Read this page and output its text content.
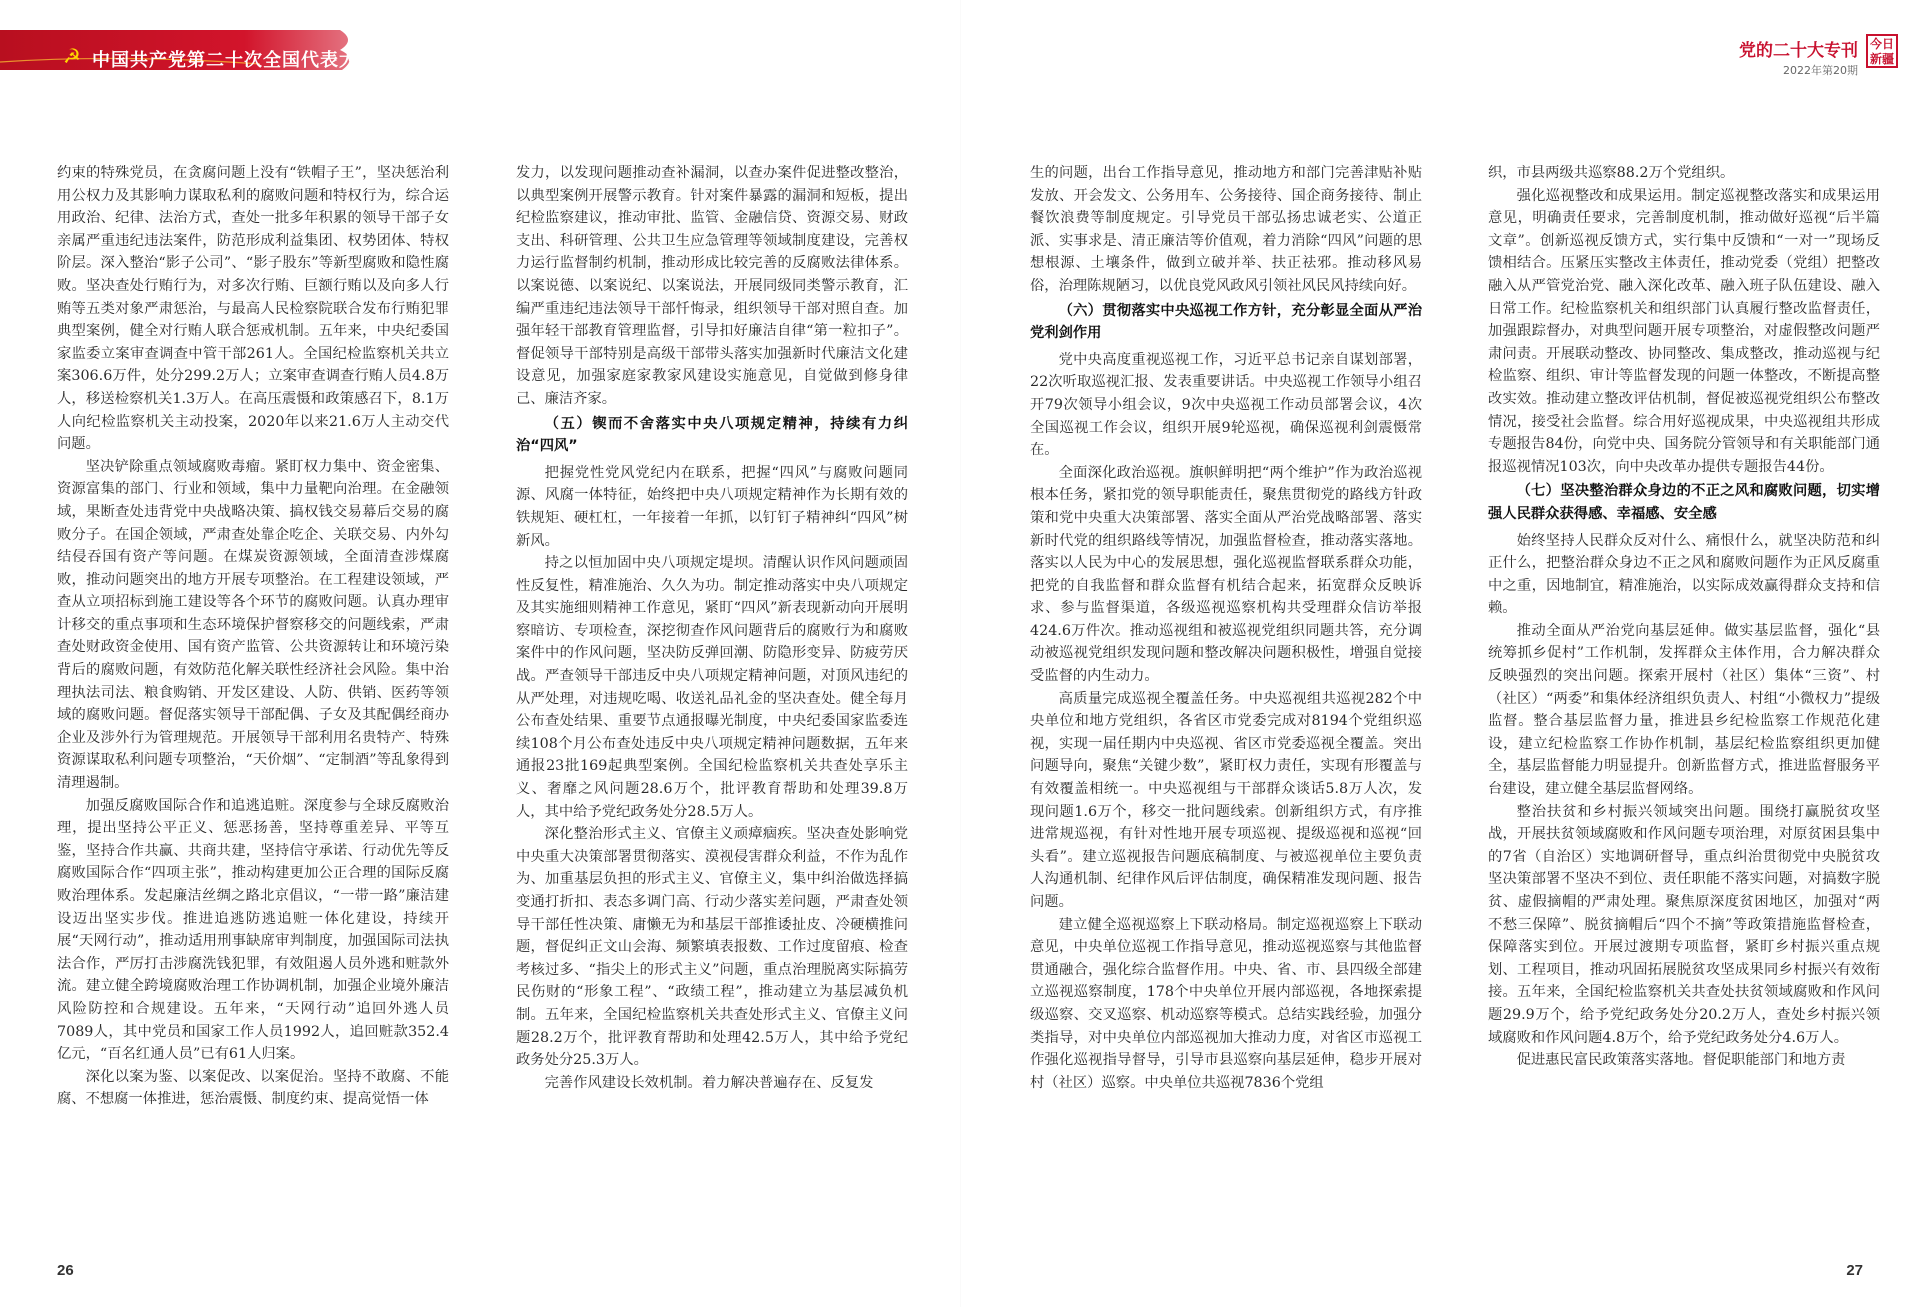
☭ 中国共产党第二十次全国代表大会	党的二十大专刊
2022年第20期
今日
新疆

约束的特殊党员，在贪腐问题上没有“铁帽子王”，坚决惩治利用公权力及其影响力谋取私利的腐败问题和特权行为，综合运用政治、纪律、法治方式，查处一批多年积累的领导干部子女亲属严重违纪违法案件，防范形成利益集团、权势团体、特权阶层。深入整治“影子公司”、“影子股东”等新型腐败和隐性腐败。坚决查处行贿行为，对多次行贿、巨额行贿以及向多人行贿等五类对象严肃惩治，与最高人民检察院联合发布行贿犯罪典型案例，健全对行贿人联合惩戒机制。五年来，中央纪委国家监委立案审查调查中管干部261人。全国纪检监察机关共立案306.6万件，处分299.2万人；立案审查调查行贿人员4.8万人，移送检察机关1.3万人。在高压震慑和政策感召下，8.1万人向纪检监察机关主动投案，2020年以来21.6万人主动交代问题。

坚决铲除重点领域腐败毒瘤。紧盯权力集中、资金密集、资源富集的部门、行业和领域，集中力量靶向治理。在金融领域，果断查处违背党中央战略决策、搞权钱交易幕后交易的腐败分子。在国企领域，严肃查处靠企吃企、关联交易、内外勾结侵吞国有资产等问题。在煤炭资源领域，全面清查涉煤腐败，推动问题突出的地方开展专项整治。在工程建设领域，严查从立项招标到施工建设等各个环节的腐败问题。认真办理审计移交的重点事项和生态环境保护督察移交的问题线索，严肃查处财政资金使用、国有资产监管、公共资源转让和环境污染背后的腐败问题，有效防范化解关联性经济社会风险。集中治理执法司法、粮食购销、开发区建设、人防、供销、医药等领域的腐败问题。督促落实领导干部配偶、子女及其配偶经商办企业及涉外行为管理规范。开展领导干部利用名贵特产、特殊资源谋取私利问题专项整治，“天价烟”、“定制酒”等乱象得到清理遏制。

加强反腐败国际合作和追逃追赃。深度参与全球反腐败治理，提出坚持公平正义、惩恶扬善，坚持尊重差异、平等互鉴，坚持合作共赢、共商共建，坚持信守承诺、行动优先等反腐败国际合作“四项主张”，推动构建更加公正合理的国际反腐败治理体系。发起廉洁丝绸之路北京倡议，“一带一路”廉洁建设迈出坚实步伐。推进追逃防逃追赃一体化建设，持续开展“天网行动”，推动适用刑事缺席审判制度，加强国际司法执法合作，严厉打击涉腐洗钱犯罪，有效阻遏人员外逃和赃款外流。建立健全跨境腐败治理工作协调机制，加强企业境外廉洁风险防控和合规建设。五年来，“天网行动”追回外逃人员7089人，其中党员和国家工作人员1992人，追回赃款352.4亿元，“百名红通人员”已有61人归案。

深化以案为鉴、以案促改、以案促治。坚持不敢腐、不能腐、不想腐一体推进，惩治震慑、制度约束、提高觉悟一体

发力，以发现问题推动查补漏洞，以查办案件促进整改整治，以典型案例开展警示教育。针对案件暴露的漏洞和短板，提出纪检监察建议，推动审批、监管、金融信贷、资源交易、财政支出、科研管理、公共卫生应急管理等领域制度建设，完善权力运行监督制约机制，推动形成比较完善的反腐败法律体系。以案说德、以案说纪、以案说法，开展同级同类警示教育，汇编严重违纪违法领导干部忏悔录，组织领导干部对照自查。加强年轻干部教育管理监督，引导扣好廉洁自律“第一粒扣子”。督促领导干部特别是高级干部带头落实加强新时代廉洁文化建设意见，加强家庭家教家风建设实施意见，自觉做到修身律己、廉洁齐家。

（五）锲而不舍落实中央八项规定精神，持续有力纠治“四风”

把握党性党风党纪内在联系，把握“四风”与腐败问题同源、风腐一体特征，始终把中央八项规定精神作为长期有效的铁规矩、硬杠杠，一年接着一年抓，以钉钉子精神纠“四风”树新风。

持之以恒加固中央八项规定堤坝。清醒认识作风问题顽固性反复性，精准施治、久久为功。制定推动落实中央八项规定及其实施细则精神工作意见，紧盯“四风”新表现新动向开展明察暗访、专项检查，深挖彻查作风问题背后的腐败行为和腐败案件中的作风问题，坚决防反弹回潮、防隐形变异、防疲劳厌战。严查领导干部违反中央八项规定精神问题，对顶风违纪的从严处理，对违规吃喝、收送礼品礼金的坚决查处。健全每月公布查处结果、重要节点通报曝光制度，中央纪委国家监委连续108个月公布查处违反中央八项规定精神问题数据，五年来通报23批169起典型案例。全国纪检监察机关共查处享乐主义、奢靡之风问题28.6万个，批评教育帮助和处理39.8万人，其中给予党纪政务处分28.5万人。

深化整治形式主义、官僚主义顽瘴痼疾。坚决查处影响党中央重大决策部署贯彻落实、漠视侵害群众利益，不作为乱作为、加重基层负担的形式主义、官僚主义，集中纠治做选择搞变通打折扣、表态多调门高、行动少落实差问题，严肃查处领导干部任性决策、庸懒无为和基层干部推诿扯皮、冷硬横推问题，督促纠正文山会海、频繁填表报数、工作过度留痕、检查考核过多、“指尖上的形式主义”问题，重点治理脱离实际搞劳民伤财的“形象工程”、“政绩工程”，推动建立为基层减负机制。五年来，全国纪检监察机关共查处形式主义、官僚主义问题28.2万个，批评教育帮助和处理42.5万人，其中给予党纪政务处分25.3万人。

完善作风建设长效机制。着力解决普遍存在、反复发

生的问题，出台工作指导意见，推动地方和部门完善津贴补贴发放、开会发文、公务用车、公务接待、国企商务接待、制止餐饮浪费等制度规定。引导党员干部弘扬忠诚老实、公道正派、实事求是、清正廉洁等价值观，着力消除“四风”问题的思想根源、土壤条件，做到立破并举、扶正祛邪。推动移风易俗，治理陈规陋习，以优良党风政风引领社风民风持续向好。

（六）贯彻落实中央巡视工作方针，充分彰显全面从严治党利剑作用

党中央高度重视巡视工作，习近平总书记亲自谋划部署，22次听取巡视汇报、发表重要讲话。中央巡视工作领导小组召开79次领导小组会议，9次中央巡视工作动员部署会议，4次全国巡视工作会议，组织开展9轮巡视，确保巡视利剑震慑常在。

全面深化政治巡视。旗帜鲜明把“两个维护”作为政治巡视根本任务，紧扣党的领导职能责任，聚焦贯彻党的路线方针政策和党中央重大决策部署、落实全面从严治党战略部署、落实新时代党的组织路线等情况，加强监督检查，推动落实落地。落实以人民为中心的发展思想，强化巡视监督联系群众功能，把党的自我监督和群众监督有机结合起来，拓宽群众反映诉求、参与监督渠道，各级巡视巡察机构共受理群众信访举报424.6万件次。推动巡视组和被巡视党组织同题共答，充分调动被巡视党组织发现问题和整改解决问题积极性，增强自觉接受监督的内生动力。

高质量完成巡视全覆盖任务。中央巡视组共巡视282个中央单位和地方党组织，各省区市党委完成对8194个党组织巡视，实现一届任期内中央巡视、省区市党委巡视全覆盖。突出问题导向，聚焦“关键少数”，紧盯权力责任，实现有形覆盖与有效覆盖相统一。中央巡视组与干部群众谈话5.8万人次，发现问题1.6万个，移交一批问题线索。创新组织方式，有序推进常规巡视，有针对性地开展专项巡视、提级巡视和巡视“回头看”。建立巡视报告问题底稿制度、与被巡视单位主要负责人沟通机制、纪律作风后评估制度，确保精准发现问题、报告问题。

建立健全巡视巡察上下联动格局。制定巡视巡察上下联动意见，中央单位巡视工作指导意见，推动巡视巡察与其他监督贯通融合，强化综合监督作用。中央、省、市、县四级全部建立巡视巡察制度，178个中央单位开展内部巡视，各地探索提级巡察、交叉巡察、机动巡察等模式。总结实践经验，加强分类指导，对中央单位内部巡视加大推动力度，对省区市巡视工作强化巡视指导督导，引导市县巡察向基层延伸，稳步开展对村（社区）巡察。中央单位共巡视7836个党组

织，市县两级共巡察88.2万个党组织。

强化巡视整改和成果运用。制定巡视整改落实和成果运用意见，明确责任要求，完善制度机制，推动做好巡视“后半篇文章”。创新巡视反馈方式，实行集中反馈和“一对一”现场反馈相结合。压紧压实整改主体责任，推动党委（党组）把整改融入从严管党治党、融入深化改革、融入班子队伍建设、融入日常工作。纪检监察机关和组织部门认真履行整改监督责任，加强跟踪督办，对典型问题开展专项整治，对虚假整改问题严肃问责。开展联动整改、协同整改、集成整改，推动巡视与纪检监察、组织、审计等监督发现的问题一体整改，不断提高整改实效。推动建立整改评估机制，督促被巡视党组织公布整改情况，接受社会监督。综合用好巡视成果，中央巡视组共形成专题报告84份，向党中央、国务院分管领导和有关职能部门通报巡视情况103次，向中央改革办提供专题报告44份。

（七）坚决整治群众身边的不正之风和腐败问题，切实增强人民群众获得感、幸福感、安全感

始终坚持人民群众反对什么、痛恨什么，就坚决防范和纠正什么，把整治群众身边不正之风和腐败问题作为正风反腐重中之重，因地制宜，精准施治，以实际成效赢得群众支持和信赖。

推动全面从严治党向基层延伸。做实基层监督，强化“县统筹抓乡促村”工作机制，发挥群众主体作用，合力解决群众反映强烈的突出问题。探索开展村（社区）集体“三资”、村（社区）“两委”和集体经济组织负责人、村组“小微权力”提级监督。整合基层监督力量，推进县乡纪检监察工作规范化建设，建立纪检监察工作协作机制，基层纪检监察组织更加健全，基层监督能力明显提升。创新监督方式，推进监督服务平台建设，建立健全基层监督网络。

整治扶贫和乡村振兴领域突出问题。围绕打赢脱贫攻坚战，开展扶贫领域腐败和作风问题专项治理，对原贫困县集中的7省（自治区）实地调研督导，重点纠治贯彻党中央脱贫攻坚决策部署不坚决不到位、责任职能不落实问题，对搞数字脱贫、虚假摘帽的严肃处理。聚焦原深度贫困地区，加强对“两不愁三保障”、脱贫摘帽后“四个不摘”等政策措施监督检查，保障落实到位。开展过渡期专项监督，紧盯乡村振兴重点规划、工程项目，推动巩固拓展脱贫攻坚成果同乡村振兴有效衔接。五年来，全国纪检监察机关共查处扶贫领域腐败和作风问题29.9万个，给予党纪政务处分20.2万人，查处乡村振兴领域腐败和作风问题4.8万个，给予党纪政务处分4.6万人。

促进惠民富民政策落实落地。督促职能部门和地方责

26	27
